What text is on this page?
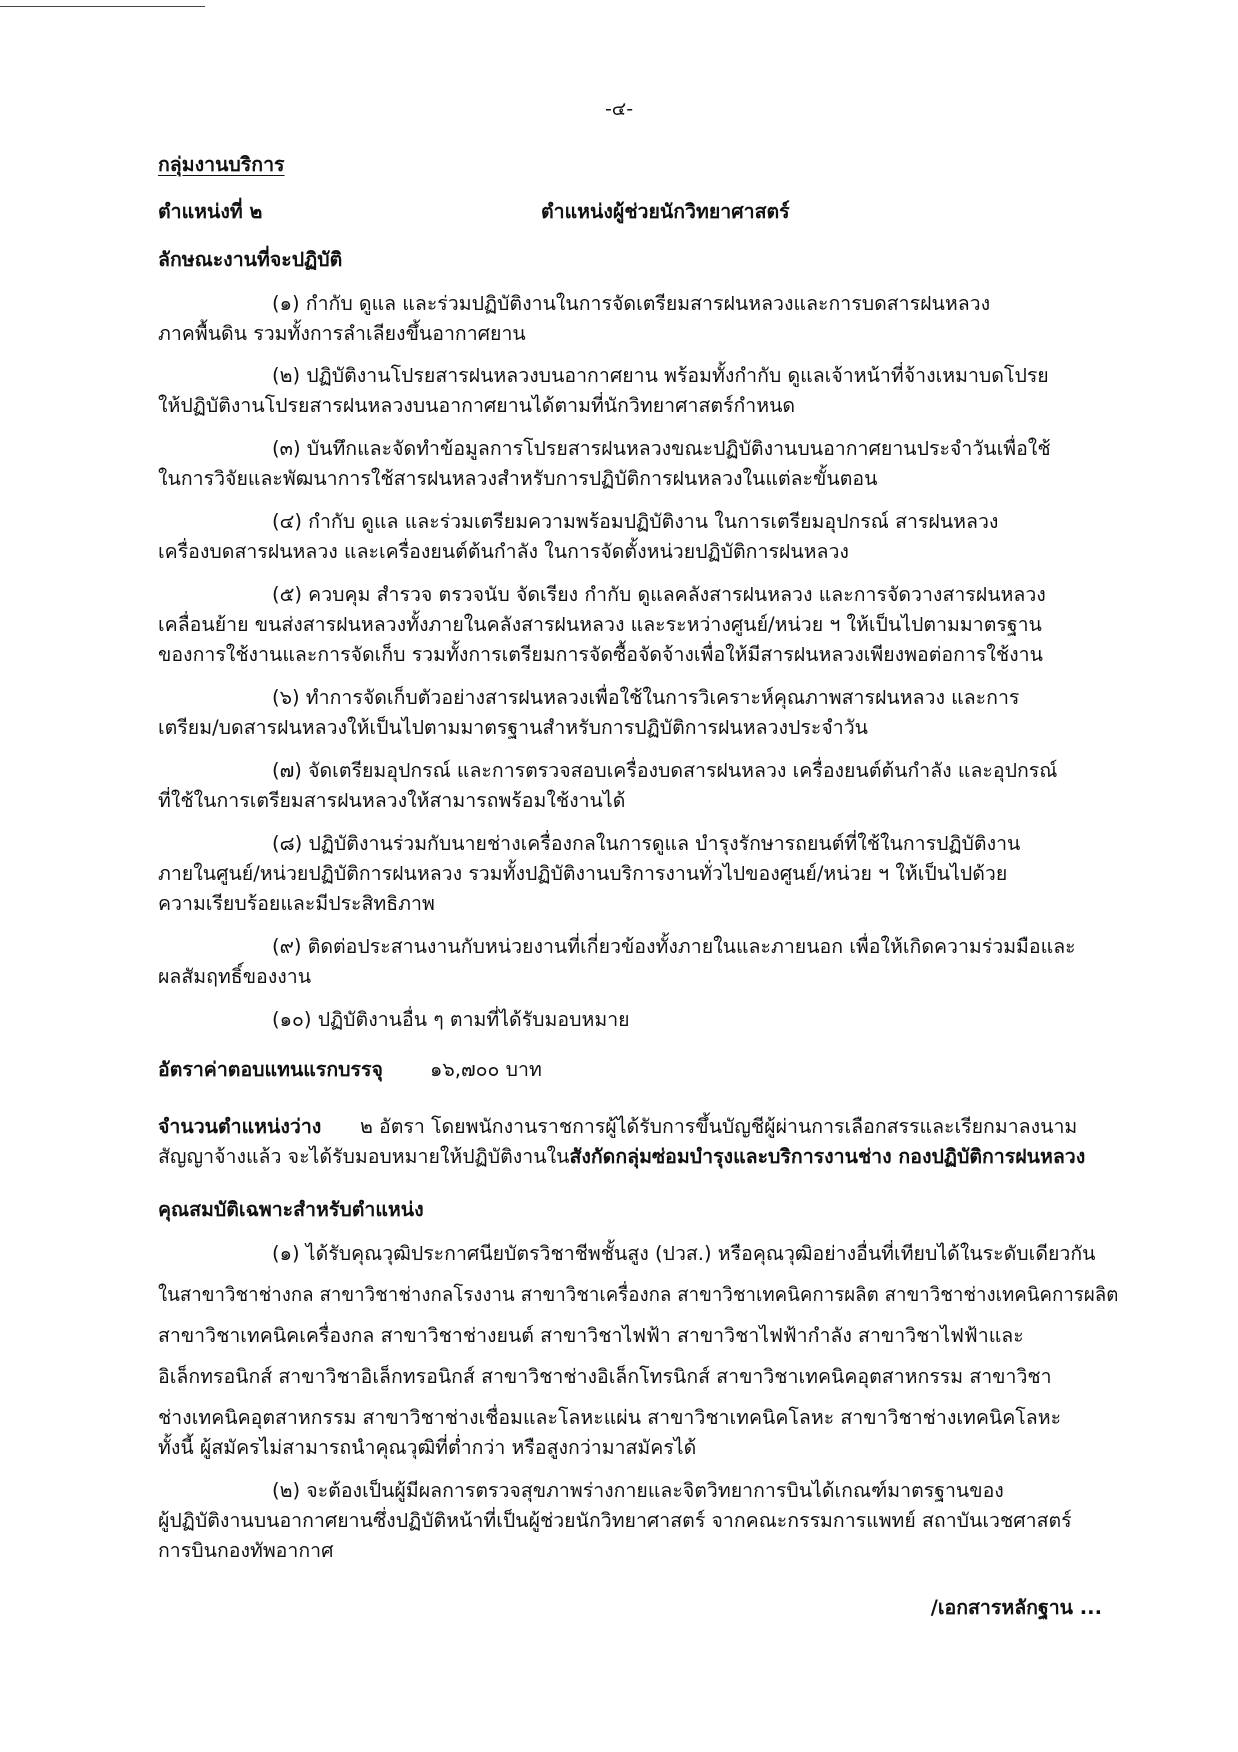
-๔-
กลุ่มงานบริการ
ตำแหน่งที่ ๒	ตำแหน่งผู้ช่วยนักวิทยาศาสตร์
ลักษณะงานที่จะปฏิบัติ
(๑) กำกับ ดูแล และร่วมปฏิบัติงานในการจัดเตรียมสารฝนหลวงและการบดสารฝนหลวง
ภาคพื้นดิน รวมทั้งการลำเลียงขึ้นอากาศยาน
(๒) ปฏิบัติงานโปรยสารฝนหลวงบนอากาศยาน พร้อมทั้งกำกับ ดูแลเจ้าหน้าที่จ้างเหมาบดโปรย
ให้ปฏิบัติงานโปรยสารฝนหลวงบนอากาศยานได้ตามที่นักวิทยาศาสตร์กำหนด
(๓) บันทึกและจัดทำข้อมูลการโปรยสารฝนหลวงขณะปฏิบัติงานบนอากาศยานประจำวันเพื่อใช้
ในการวิจัยและพัฒนาการใช้สารฝนหลวงสำหรับการปฏิบัติการฝนหลวงในแต่ละขั้นตอน
(๔) กำกับ ดูแล และร่วมเตรียมความพร้อมปฏิบัติงาน ในการเตรียมอุปกรณ์ สารฝนหลวง
เครื่องบดสารฝนหลวง และเครื่องยนต์ต้นกำลัง ในการจัดตั้งหน่วยปฏิบัติการฝนหลวง
(๕) ควบคุม สำรวจ ตรวจนับ จัดเรียง กำกับ ดูแลคลังสารฝนหลวง และการจัดวางสารฝนหลวง
เคลื่อนย้าย ขนส่งสารฝนหลวงทั้งภายในคลังสารฝนหลวง และระหว่างศูนย์/หน่วย ฯ ให้เป็นไปตามมาตรฐาน
ของการใช้งานและการจัดเก็บ รวมทั้งการเตรียมการจัดซื้อจัดจ้างเพื่อให้มีสารฝนหลวงเพียงพอต่อการใช้งาน
(๖) ทำการจัดเก็บตัวอย่างสารฝนหลวงเพื่อใช้ในการวิเคราะห์คุณภาพสารฝนหลวง และการ
เตรียม/บดสารฝนหลวงให้เป็นไปตามมาตรฐานสำหรับการปฏิบัติการฝนหลวงประจำวัน
(๗) จัดเตรียมอุปกรณ์ และการตรวจสอบเครื่องบดสารฝนหลวง เครื่องยนต์ต้นกำลัง และอุปกรณ์
ที่ใช้ในการเตรียมสารฝนหลวงให้สามารถพร้อมใช้งานได้
(๘) ปฏิบัติงานร่วมกับนายช่างเครื่องกลในการดูแล บำรุงรักษารถยนต์ที่ใช้ในการปฏิบัติงาน
ภายในศูนย์/หน่วยปฏิบัติการฝนหลวง รวมทั้งปฏิบัติงานบริการงานทั่วไปของศูนย์/หน่วย ฯ ให้เป็นไปด้วย
ความเรียบร้อยและมีประสิทธิภาพ
(๙) ติดต่อประสานงานกับหน่วยงานที่เกี่ยวข้องทั้งภายในและภายนอก เพื่อให้เกิดความร่วมมือและ
ผลสัมฤทธิ์ของงาน
(๑๐) ปฏิบัติงานอื่น ๆ ตามที่ได้รับมอบหมาย
อัตราค่าตอบแทนแรกบรรจุ ๑๖,๗๐๐ บาท
จำนวนตำแหน่งว่าง ๒ อัตรา โดยพนักงานราชการผู้ได้รับการขึ้นบัญชีผู้ผ่านการเลือกสรรและเรียกมาลงนาม
สัญญาจ้างแล้ว จะได้รับมอบหมายให้ปฏิบัติงานในสังกัดกลุ่มซ่อมบำรุงและบริการงานช่าง กองปฏิบัติการฝนหลวง
คุณสมบัติเฉพาะสำหรับตำแหน่ง
(๑) ได้รับคุณวุฒิประกาศนียบัตรวิชาชีพชั้นสูง (ปวส.) หรือคุณวุฒิอย่างอื่นที่เทียบได้ในระดับเดียวกัน
ในสาขาวิชาช่างกล สาขาวิชาช่างกลโรงงาน สาขาวิชาเครื่องกล สาขาวิชาเทคนิคการผลิต สาขาวิชาช่างเทคนิคการผลิต
สาขาวิชาเทคนิคเครื่องกล สาขาวิชาช่างยนต์ สาขาวิชาไฟฟ้า สาขาวิชาไฟฟ้ากำลัง สาขาวิชาไฟฟ้าและ
อิเล็กทรอนิกส์ สาขาวิชาอิเล็กทรอนิกส์ สาขาวิชาช่างอิเล็กโทรนิกส์ สาขาวิชาเทคนิคอุตสาหกรรม สาขาวิชา
ช่างเทคนิคอุตสาหกรรม สาขาวิชาช่างเชื่อมและโลหะแผ่น สาขาวิชาเทคนิคโลหะ สาขาวิชาช่างเทคนิคโลหะ
ทั้งนี้ ผู้สมัครไม่สามารถนำคุณวุฒิที่ต่ำกว่า หรือสูงกว่ามาสมัครได้
(๒) จะต้องเป็นผู้มีผลการตรวจสุขภาพร่างกายและจิตวิทยาการบินได้เกณฑ์มาตรฐานของ
ผู้ปฏิบัติงานบนอากาศยานซึ่งปฏิบัติหน้าที่เป็นผู้ช่วยนักวิทยาศาสตร์ จากคณะกรรมการแพทย์ สถาบันเวชศาสตร์
การบินกองทัพอากาศ
/เอกสารหลักฐาน ...
